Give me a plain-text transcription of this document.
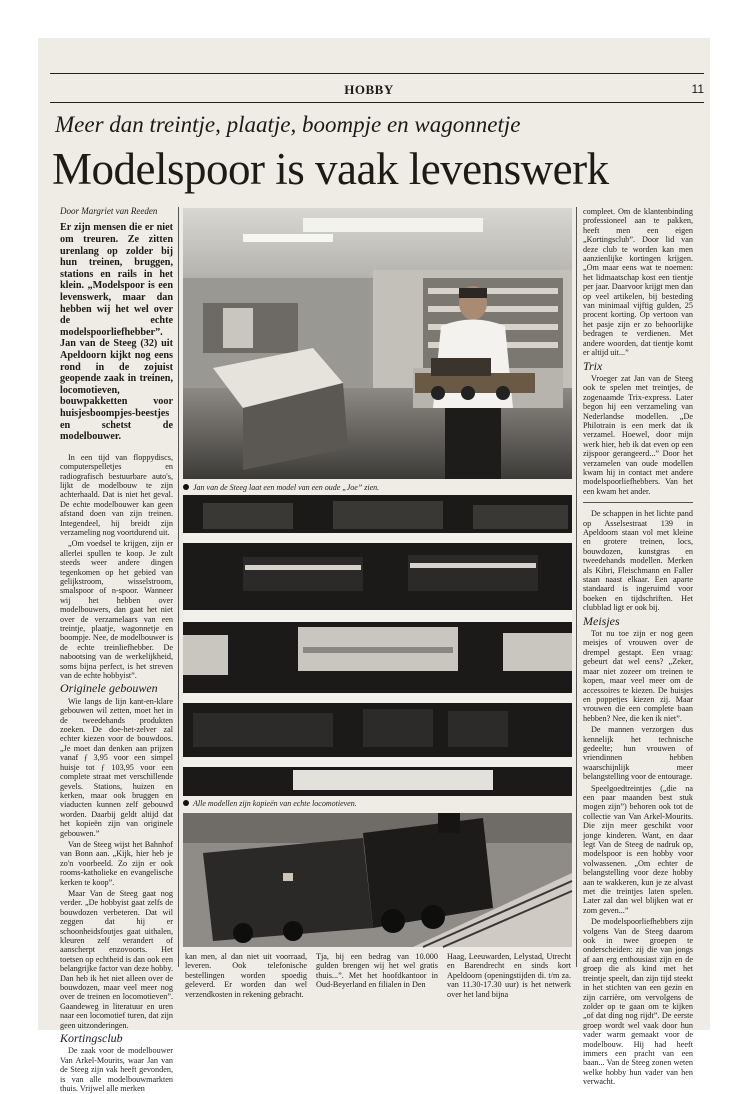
HOBBY	11
Meer dan treintje, plaatje, boompje en wagonnetje
Modelspoor is vaak levenswerk
Door Margriet van Reeden
Er zijn mensen die er niet om treuren. Ze zitten urenlang op zolder bij hun treinen, bruggen, stations en rails in het klein. „Modelspoor is een levenswerk, maar dan hebben wij het wel over de echte modelspoorliefhebber”. Jan van de Steeg (32) uit Apeldoorn kijkt nog eens rond in de zojuist geopende zaak in treinen, locomotieven, bouwpakketten voor huisjesboompjes-beestjes en schetst de modelbouwer.

In een tijd van floppydiscs, computerspelletjes en radiografisch bestuurbare auto's, lijkt de modelbouw te zijn achterhaald. Dat is niet het geval. De echte modelbouwer kan geen afstand doen van zijn treinen. Integendeel, hij breidt zijn verzameling nog voortdurend uit.

„Om voedsel te krijgen, zijn er allerlei spullen te koop. Je zult steeds weer andere dingen tegenkomen op het gebied van gelijkstroom, wisselstroom, smalspoor of n-spoor. Wanneer wij het hebben over modelbouwers, dan gaat het niet over de verzamelaars van een treintje, plaatje, wagonnetje en boompje. Nee, de modelbouwer is de echte treinliefhebber. De nabootsing van de werkelijkheid, soms bijna perfect, is het streven van de echte hobbyist”.

Originele gebouwen

Wie langs de lijn kant-en-klare gebouwen wil zetten, moet het in de tweedehands produkten zoeken. De doe-het-zelver zal echter kiezen voor de bouwdoos. „Je moet dan denken aan prijzen vanaf ƒ 3,95 voor een simpel huisje tot ƒ 103,95 voor een complete straat met verschillende gevels. Stations, huizen en kerken, maar ook bruggen en viaducten kunnen zelf gebouwd worden. Daarbij geldt altijd dat het kopieën zijn van originele gebouwen.”

Van de Steeg wijst het Bahnhof van Bonn aan. „Kijk, hier heb je zo'n voorbeeld. Zo zijn er ook rooms-katholieke en evangelische kerken te koop”.

Maar Van de Steeg gaat nog verder. „De hobbyist gaat zelfs de bouwdozen verbeteren. Dat wil zeggen dat hij er schoonheidsfoutjes gaat uithalen, kleuren zelf verandert of aanscherpt enzovoorts. Het toetsen op echtheid is dan ook een belangrijke factor van deze hobby. Dan heb ik het niet alleen over de bouwdozen, maar veel meer nog over de treinen en locomotieven”. Gaandeweg in literatuur en uren naar een locomotief turen, dat zijn geen uitzonderingen.

Kortingsclub

De zaak voor de modelbouwer Van Arkel-Mourits, waar Jan van de Steeg zijn vak heeft gevonden, is van alle modelbouwmarkten thuis. Vrijwel alle merken

Jan van de Steeg laat een model van een oude „Joe” zien.
Alle modellen zijn kopieën van echte locomotieven.

kan men, al dan niet uit voorraad, leveren. Ook telefonische bestellingen worden spoedig geleverd. Er worden dan wel verzendkosten in rekening gebracht.

Tja, bij een bedrag van 10.000 gulden brengen wij het wel gratis thuis...”. Met het hoofdkantoor in Oud-Beyerland en filialen in Den

Haag, Leeuwarden, Lelystad, Utrecht en Barendrecht en sinds kort Apeldoorn (openingstijden di. t/m za. van 11.30-17.30 uur) is het netwerk over het land bijna

compleet. Om de klantenbinding professioneel aan te pakken, heeft men een eigen „Kortingsclub”. Door lid van deze club te worden kan men aanzienlijke kortingen krijgen. „Om maar eens wat te noemen: het lidmaatschap kost een tientje per jaar. Daarvoor krijgt men dan op veel artikelen, bij besteding van minimaal vijftig gulden, 25 procent korting. Op vertoon van het pasje zijn er zo behoorlijke bedragen te verdienen. Met andere woorden, dat tientje komt er altijd uit...”

Trix

Vroeger zat Jan van de Steeg ook te spelen met treintjes, de zogenaamde Trix-express. Later begon hij een verzameling van Nederlandse modellen. „De Philotrain is een merk dat ik verzamel. Hoewel, door mijn werk hier, heb ik dat even op een zijspoor gerangeerd...” Door het verzamelen van oude modellen kwam hij in contact met andere modelspoorliefhebbers. Van het een kwam het ander.

De schappen in het lichte pand op Asselsestraat 139 in Apeldoorn staan vol met kleine en grotere treinen, locs, bouwdozen, kunstgras en tweedehands modellen. Merken als Kibri, Fleischmann en Faller staan naast elkaar. Een aparte standaard is ingeruimd voor boeken en tijdschriften. Het clubblad ligt er ook bij.

Meisjes

Tot nu toe zijn er nog geen meisjes of vrouwen over de drempel gestapt. Een vraag: gebeurt dat wel eens? „Zeker, maar niet zozeer om treinen te kopen, maar veel meer om de accessoires te kiezen. De huisjes en poppetjes kiezen zij. Maar vrouwen die een complete baan hebben? Nee, die ken ik niet”.

De mannen verzorgen dus kennelijk het technische gedeelte; hun vrouwen of vriendinnen hebben waarschijnlijk meer belangstelling voor de entourage.

Speelgoedtreintjes („die na een paar maanden best stuk mogen zijn”) behoren ook tot de collectie van Van Arkel-Mourits. Die zijn meer geschikt voor jonge kinderen. Want, en daar legt Van de Steeg de nadruk op, modelspoor is een hobby voor volwassenen. „Om echter de belangstelling voor deze hobby aan te wakkeren, kun je ze alvast met die treintjes laten spelen. Later zal dan wel blijken wat er zom geven...”

De modelspoorliefhebbers zijn volgens Van de Steeg daarom ook in twee groepen te onderscheiden: zij die van jongs af aan erg enthousiast zijn en de groep die als kind met het treintje speelt, dan zijn tijd steekt in het stichten van een gezin en zijn carrière, om vervolgens de zolder op te gaan om te kijken „of dat ding nog rijdt”. De eerste groep wordt wel vaak door hun vader warm gemaakt voor de modelbouw. Hij had heeft immers een pracht van een baan... Van de Steeg zonen weten welke hobby hun vader van hen verwacht.
